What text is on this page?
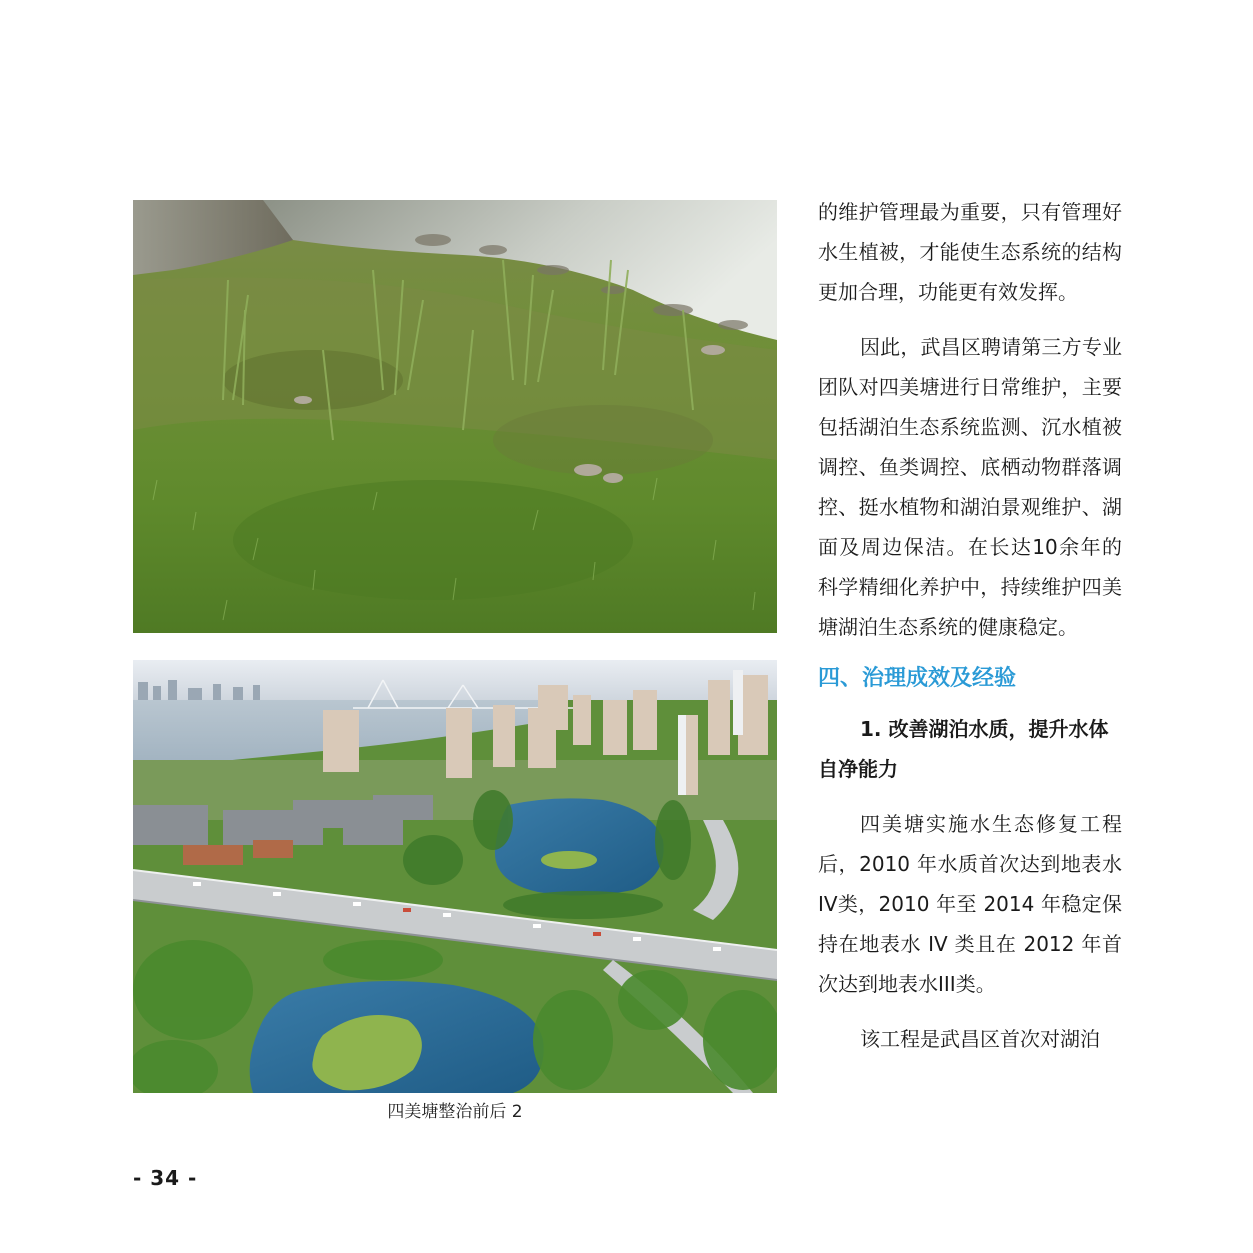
四美塘整治前后 2

的维护管理最为重要，只有管理好水生植被，才能使生态系统的结构更加合理，功能更有效发挥。

因此，武昌区聘请第三方专业团队对四美塘进行日常维护，主要包括湖泊生态系统监测、沉水植被调控、鱼类调控、底栖动物群落调控、挺水植物和湖泊景观维护、湖面及周边保洁。在长达10余年的科学精细化养护中，持续维护四美塘湖泊生态系统的健康稳定。

四、治理成效及经验

1. 改善湖泊水质，提升水体自净能力

四美塘实施水生态修复工程后，2010 年水质首次达到地表水IV类，2010 年至 2014 年稳定保持在地表水 IV 类且在 2012 年首次达到地表水III类。

该工程是武昌区首次对湖泊

- 34 -
